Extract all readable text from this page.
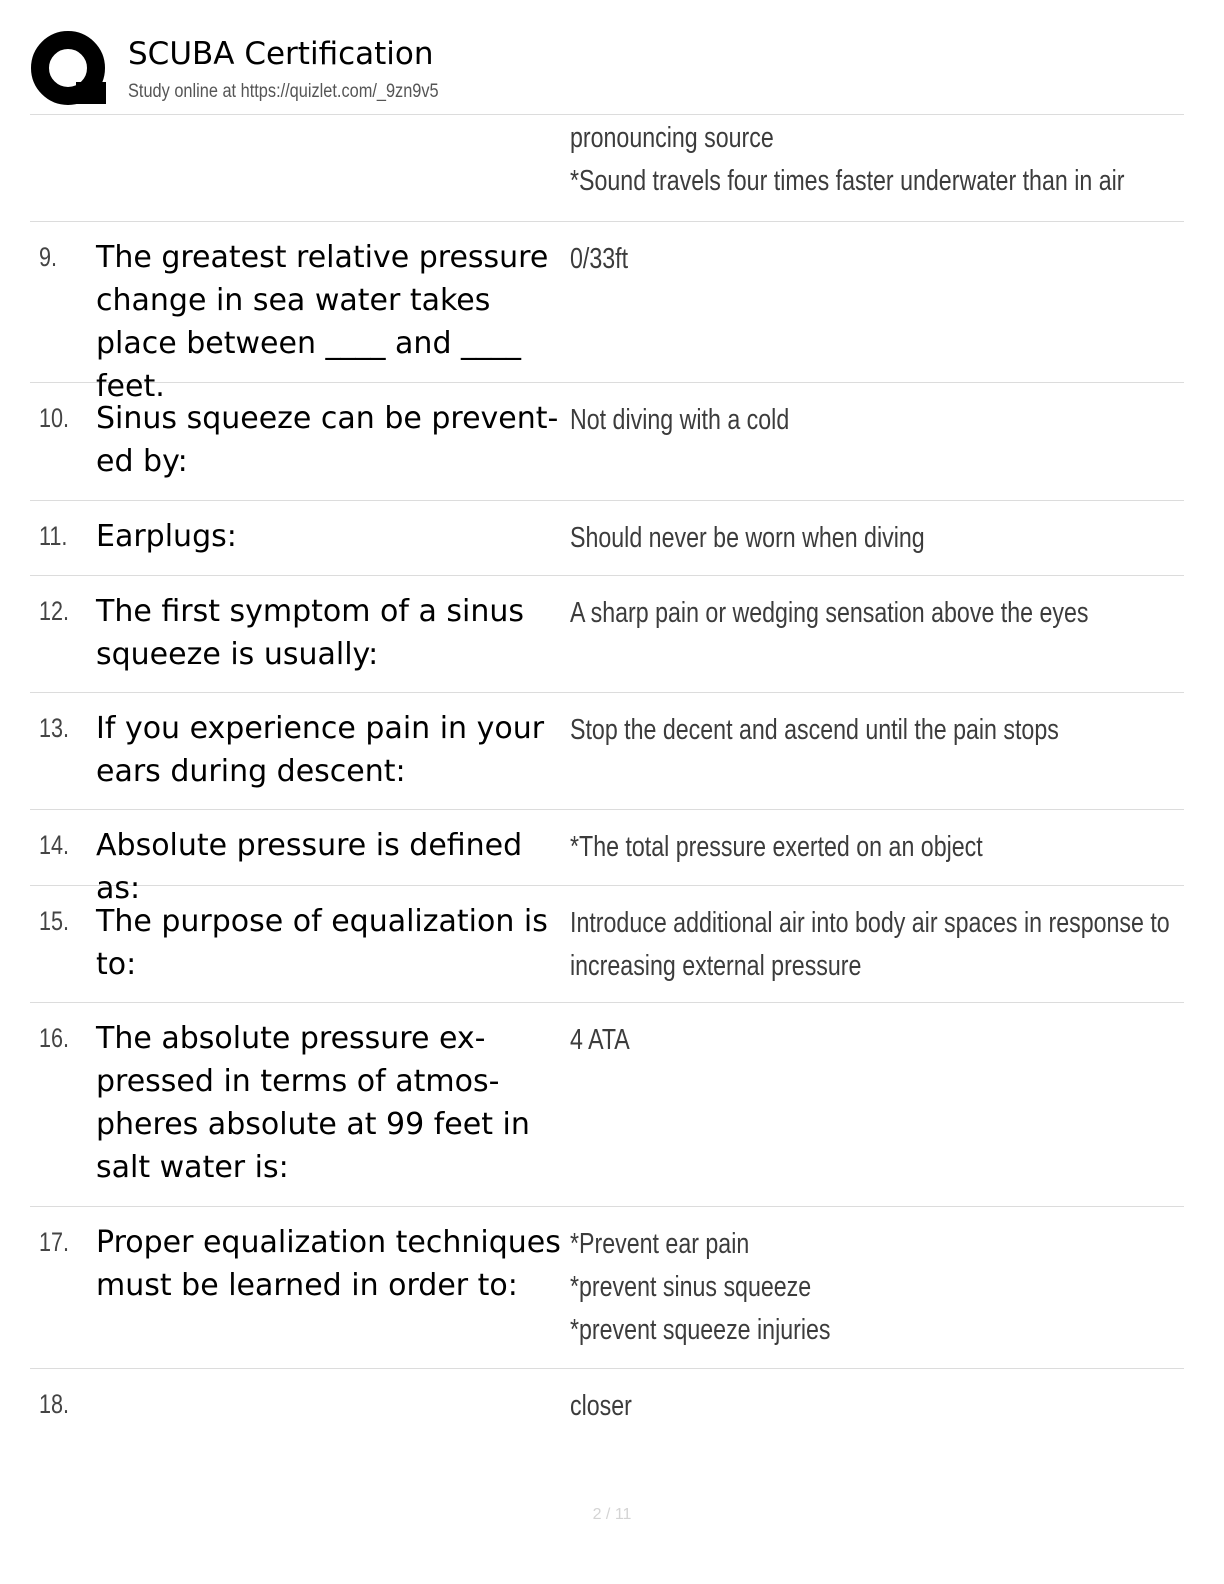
SCUBA Certification
Study online at https://quizlet.com/_9zn9v5
pronouncing source
*Sound travels four times faster underwater than in air
9. The greatest relative pressure change in sea water takes place between ____ and ____ feet.
0/33ft
10. Sinus squeeze can be prevent-ed by:
Not diving with a cold
11. Earplugs:	Should never be worn when diving
12. The first symptom of a sinus squeeze is usually:
A sharp pain or wedging sensation above the eyes
13. If you experience pain in your ears during descent:
Stop the decent and ascend until the pain stops
14. Absolute pressure is defined as:
*The total pressure exerted on an object
15. The purpose of equalization is to:
Introduce additional air into body air spaces in response to
increasing external pressure
16. The absolute pressure ex-pressed in terms of atmos-pheres absolute at 99 feet in salt water is:
4 ATA
17. Proper equalization techniques must be learned in order to:
*Prevent ear pain
*prevent sinus squeeze
*prevent squeeze injuries
18.	closer
2 / 11
